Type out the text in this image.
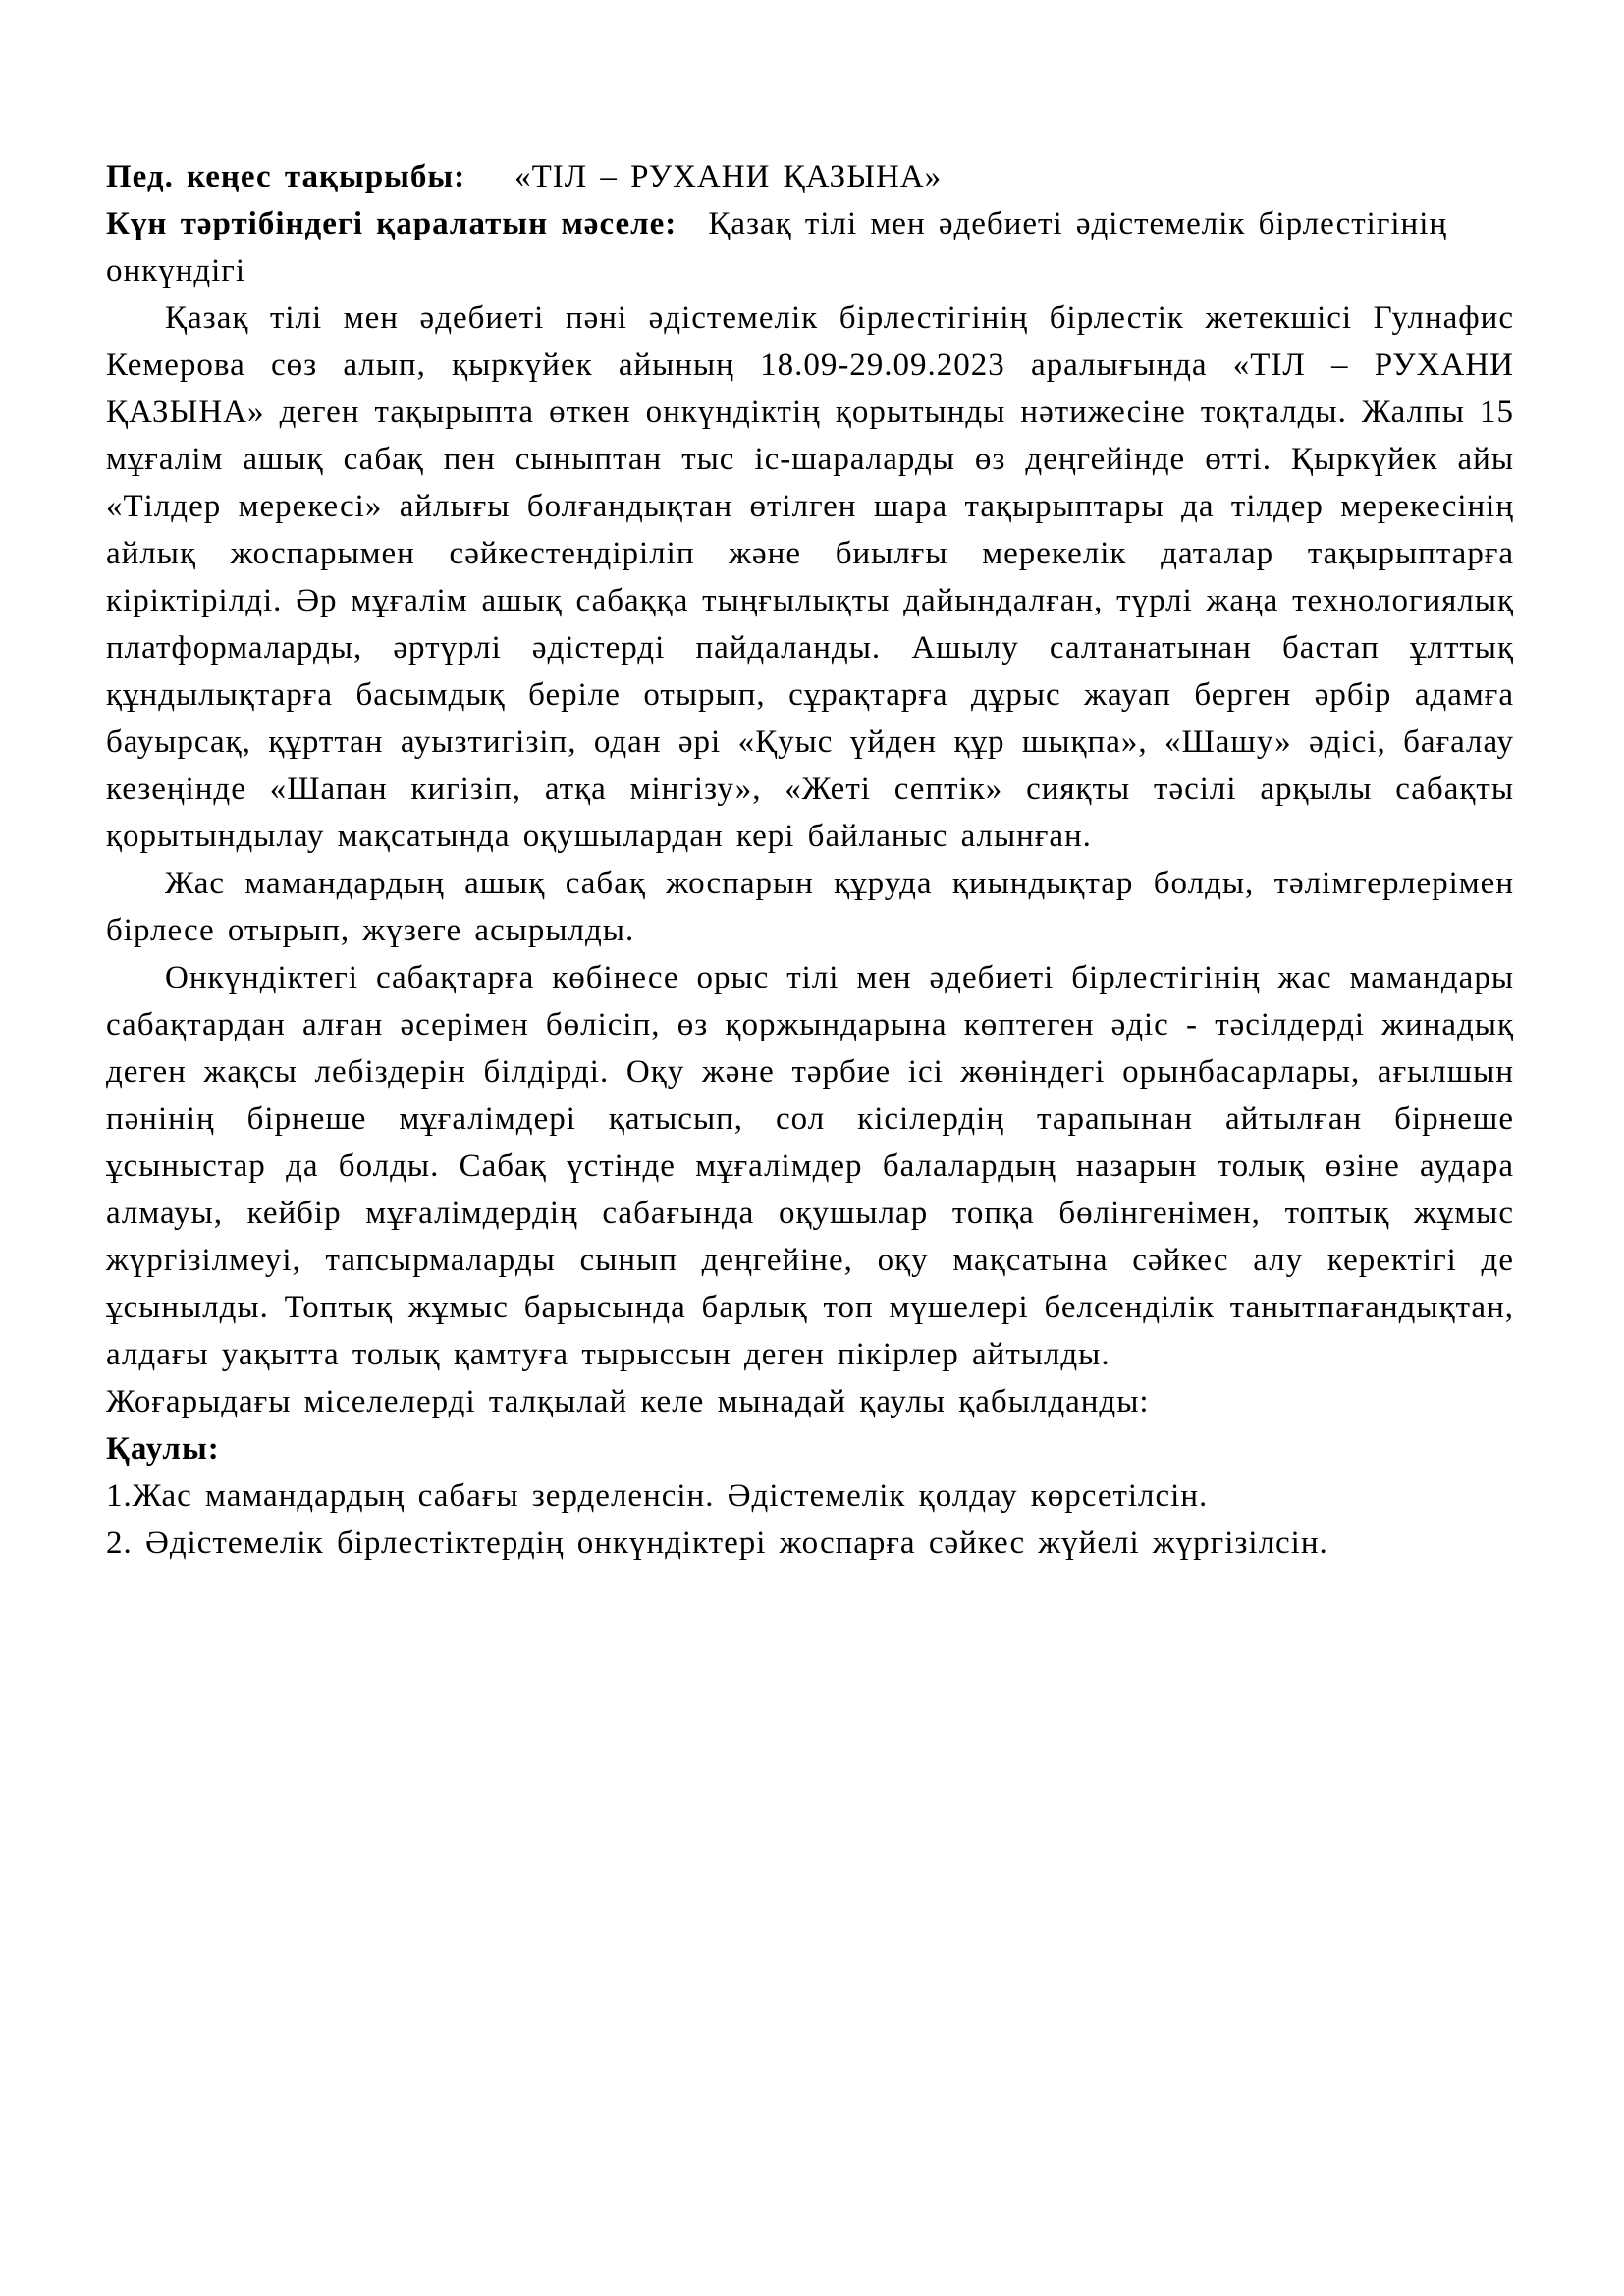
Пед. кеңес тақырыбы: «ТІЛ – РУХАНИ ҚАЗЫНА»

Күн тәртібіндегі қаралатын мәселе: Қазақ тілі мен әдебиеті әдістемелік бірлестігінің онкүндігі

Қазақ тілі мен әдебиеті пәні әдістемелік бірлестігінің бірлестік жетекшісі Гулнафис Кемерова сөз алып, қыркүйек айының 18.09-29.09.2023 аралығында «ТІЛ – РУХАНИ ҚАЗЫНА» деген тақырыпта өткен онкүндіктің қорытынды нәтижесіне тоқталды. Жалпы 15 мұғалім ашық сабақ пен сыныптан тыс іс-шараларды өз деңгейінде өтті. Қыркүйек айы «Тілдер мерекесі» айлығы болғандықтан өтілген шара тақырыптары да тілдер мерекесінің айлық жоспарымен сәйкестендіріліп және биылғы мерекелік даталар тақырыптарға кіріктірілді. Әр мұғалім ашық сабаққа тыңғылықты дайындалған, түрлі жаңа технологиялық платформаларды, әртүрлі әдістерді пайдаланды. Ашылу салтанатынан бастап ұлттық құндылықтарға басымдық беріле отырып, сұрақтарға дұрыс жауап берген әрбір адамға бауырсақ, құрттан ауызтигізіп, одан әрі «Қуыс үйден құр шықпа», «Шашу» әдісі, бағалау кезеңінде «Шапан кигізіп, атқа мінгізу», «Жеті септік» сияқты тәсілі арқылы сабақты қорытындылау мақсатында оқушылардан кері байланыс алынған.

Жас мамандардың ашық сабақ жоспарын құруда қиындықтар болды, тәлімгерлерімен бірлесе отырып, жүзеге асырылды.

Онкүндіктегі сабақтарға көбінесе орыс тілі мен әдебиеті бірлестігінің жас мамандары сабақтардан алған әсерімен бөлісіп, өз қоржындарына көптеген әдіс - тәсілдерді жинадық деген жақсы лебіздерін білдірді. Оқу және тәрбие ісі жөніндегі орынбасарлары, ағылшын пәнінің бірнеше мұғалімдері қатысып, сол кісілердің тарапынан айтылған бірнеше ұсыныстар да болды. Сабақ үстінде мұғалімдер балалардың назарын толық өзіне аудара алмауы, кейбір мұғалімдердің сабағында оқушылар топқа бөлінгенімен, топтық жұмыс жүргізілмеуі, тапсырмаларды сынып деңгейіне, оқу мақсатына сәйкес алу керектігі де ұсынылды. Топтық жұмыс барысында барлық топ мүшелері белсенділік танытпағандықтан, алдағы уақытта толық қамтуға тырыссын деген пікірлер айтылды.

Жоғарыдағы міселелерді талқылай келе мынадай қаулы қабылданды:

Қаулы:

1.Жас мамандардың сабағы зерделенсін. Әдістемелік қолдау көрсетілсін.

2. Әдістемелік бірлестіктердің онкүндіктері жоспарға сәйкес жүйелі жүргізілсін.
